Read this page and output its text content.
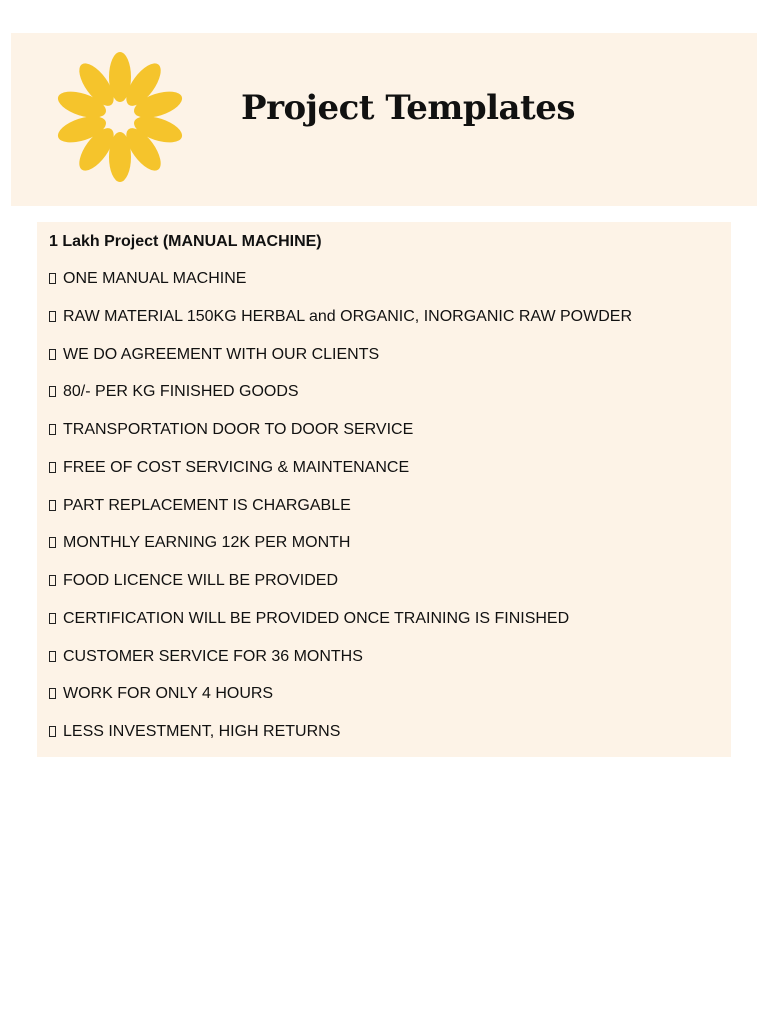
Project Templates
1 Lakh Project (MANUAL MACHINE)
ONE MANUAL MACHINE
RAW MATERIAL 150KG HERBAL and ORGANIC, INORGANIC RAW POWDER
WE DO AGREEMENT WITH OUR CLIENTS
80/- PER KG FINISHED GOODS
TRANSPORTATION DOOR TO DOOR SERVICE
FREE OF COST SERVICING & MAINTENANCE
PART REPLACEMENT IS CHARGABLE
MONTHLY EARNING 12K PER MONTH
FOOD LICENCE WILL BE PROVIDED
CERTIFICATION WILL BE PROVIDED ONCE TRAINING IS FINISHED
CUSTOMER SERVICE FOR 36 MONTHS
WORK FOR ONLY 4 HOURS
LESS INVESTMENT, HIGH RETURNS
